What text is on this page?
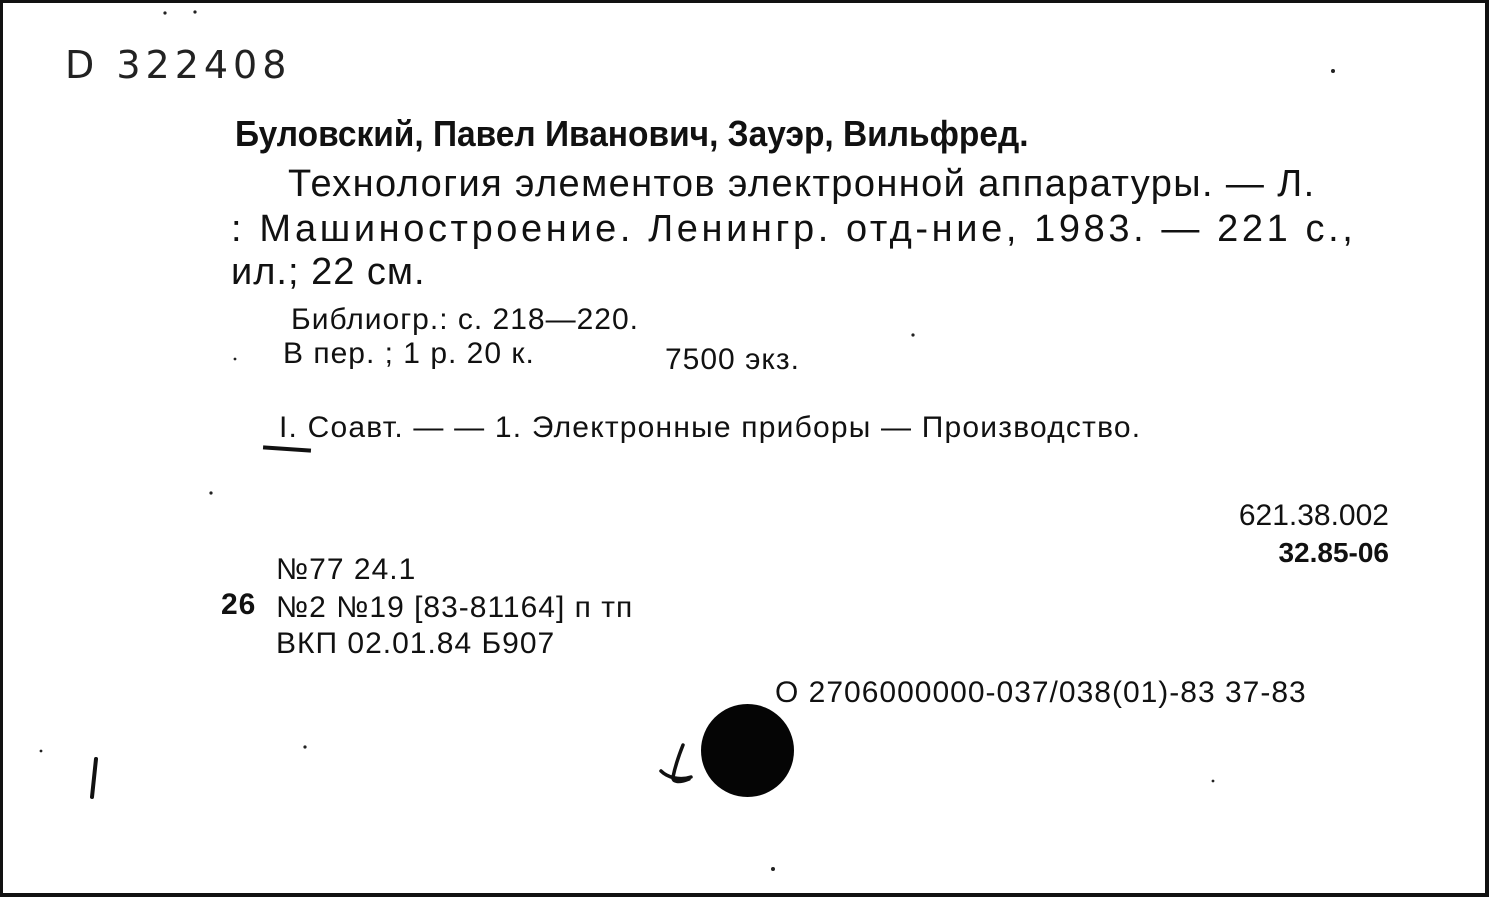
D 322408
Буловский, Павел Иванович, Зауэр, Вильфред.
Технология элементов электронной аппаратуры. — Л.
: Машиностроение. Ленингр. отд-ние, 1983. — 221 с.,
ил.; 22 см.
Библиогр.: с. 218—220.
В пер. ; 1 р. 20 к.	7500 экз.
I. Соавт. — — 1. Электронные приборы — Производство.
621.38.002
32.85-06
№77 24.1
26 №2 №19 [83-81164] п тп
ВКП 02.01.84 Б907
О 2706000000-037/038(01)-83 37-83
